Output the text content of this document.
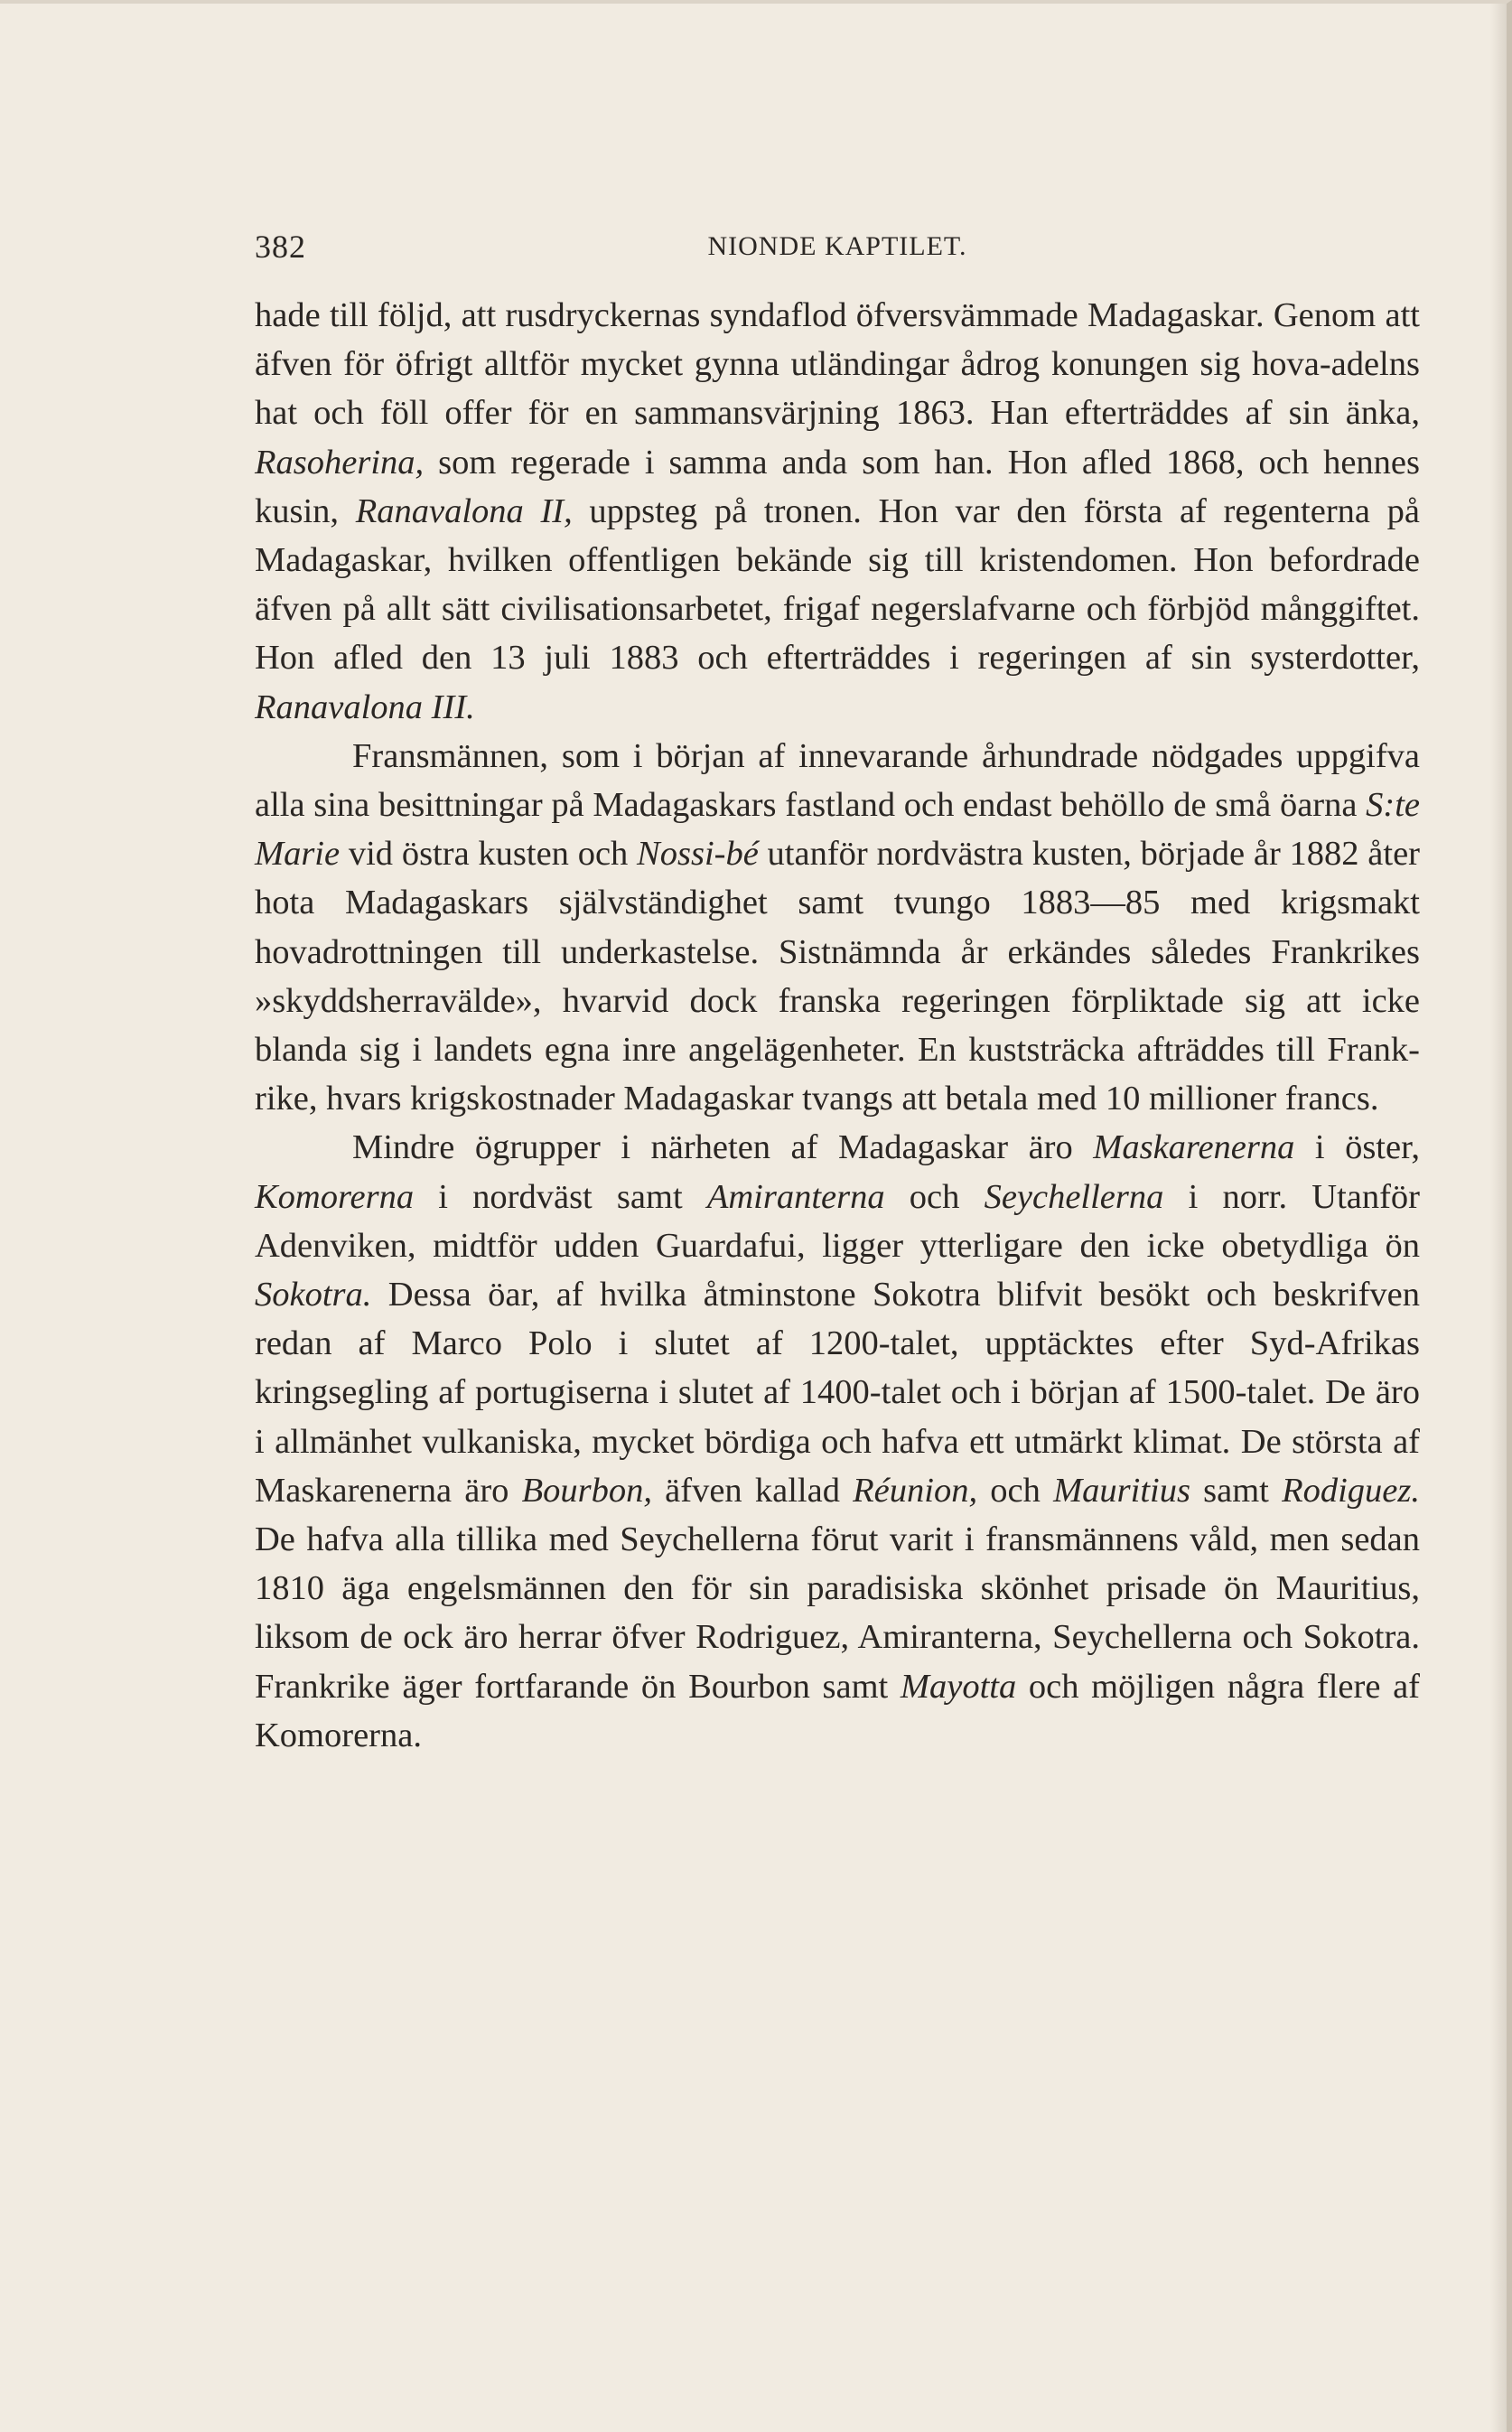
382	NIONDE KAPTILET.

hade till följd, att rusdryckernas syndaflod öfversvämmade Madagaskar. Genom att äfven för öfrigt alltför mycket gynna utländingar ådrog konungen sig hova-adelns hat och föll offer för en sammansvärjning 1863. Han efterträddes af sin änka, Rasoherina, som regerade i samma anda som han. Hon afled 1868, och hennes kusin, Ranavalona II, uppsteg på tronen. Hon var den första af regenterna på Madagaskar, hvilken offentligen bekände sig till kristendomen. Hon befordrade äfven på allt sätt civilisationsarbetet, frigaf negerslafvarne och förbjöd månggiftet. Hon afled den 13 juli 1883 och efterträddes i regeringen af sin systerdotter, Ranavalona III.

Fransmännen, som i början af innevarande århundrade nödgades uppgifva alla sina besittningar på Madagaskars fastland och endast behöllo de små öarna S:te Marie vid östra kusten och Nossi-bé utanför nordvästra kusten, började år 1882 åter hota Madagaskars självständighet samt tvungo 1883—85 med krigsmakt hovadrottningen till underkastelse. Sistnämnda år erkändes således Frankrikes »skyddsherravälde», hvarvid dock franska regeringen förpliktade sig att icke blanda sig i landets egna inre angelägenheter. En kuststräcka afträddes till Frankrike, hvars krigskostnader Madagaskar tvangs att betala med 10 millioner francs.

Mindre ögrupper i närheten af Madagaskar äro Maskarenerna i öster, Komorerna i nordväst samt Amiranterna och Seychellerna i norr. Utanför Adenviken, midtför udden Guardafui, ligger ytterligare den icke obetydliga ön Sokotra. Dessa öar, af hvilka åtminstone Sokotra blifvit besökt och beskrifven redan af Marco Polo i slutet af 1200-talet, upptäcktes efter Syd-Afrikas kringsegling af portugiserna i slutet af 1400-talet och i början af 1500-talet. De äro i allmänhet vulkaniska, mycket bördiga och hafva ett utmärkt klimat. De största af Maskarenerna äro Bourbon, äfven kallad Réunion, och Mauritius samt Rodiguez. De hafva alla tillika med Seychellerna förut varit i fransmännens våld, men sedan 1810 äga engelsmännen den för sin paradisiska skönhet prisade ön Mauritius, liksom de ock äro herrar öfver Rodriguez, Amiranterna, Seychellerna och Sokotra. Frankrike äger fortfarande ön Bourbon samt Mayotta och möjligen några flere af Komorerna.
